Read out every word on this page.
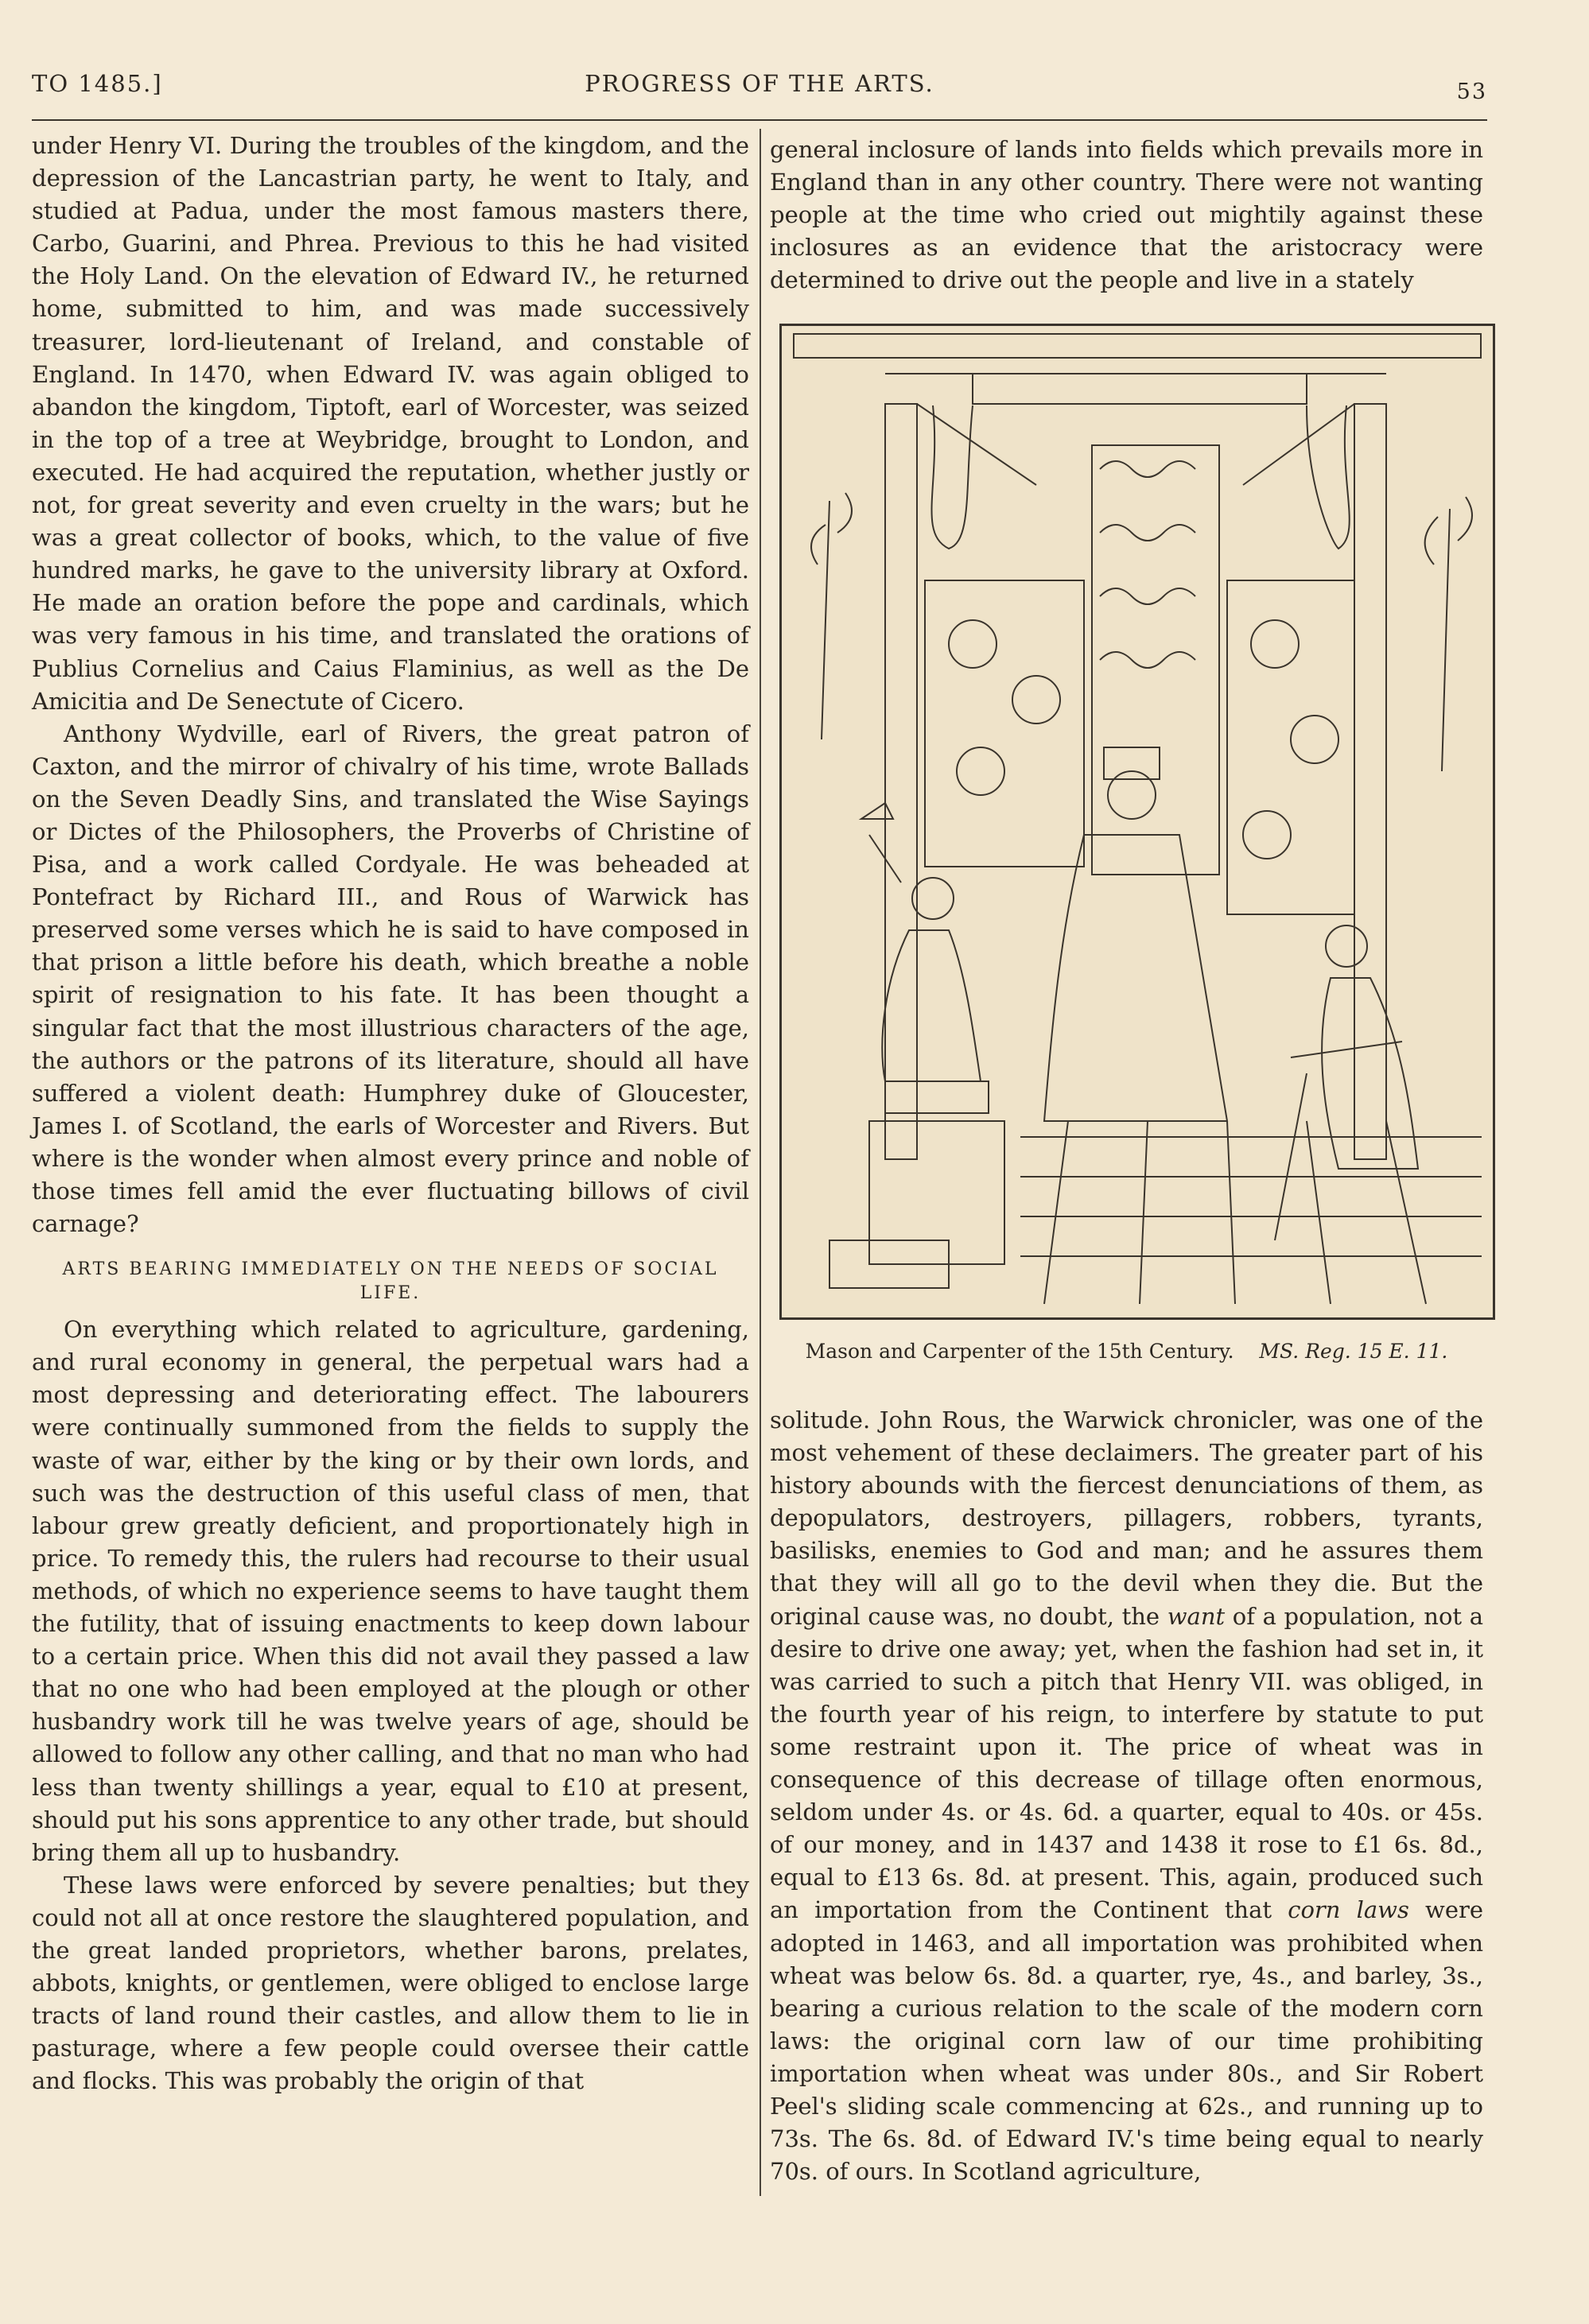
TO 1485.]	PROGRESS OF THE ARTS.	53

under Henry VI. During the troubles of the kingdom, and the depression of the Lancastrian party, he went to Italy, and studied at Padua, under the most famous masters there, Carbo, Guarini, and Phrea. Previous to this he had visited the Holy Land. On the elevation of Edward IV., he returned home, submitted to him, and was made successively treasurer, lord-lieutenant of Ireland, and constable of England. In 1470, when Edward IV. was again obliged to abandon the kingdom, Tiptoft, earl of Worcester, was seized in the top of a tree at Weybridge, brought to London, and executed. He had acquired the reputation, whether justly or not, for great severity and even cruelty in the wars; but he was a great collector of books, which, to the value of five hundred marks, he gave to the university library at Oxford. He made an oration before the pope and cardinals, which was very famous in his time, and translated the orations of Publius Cornelius and Caius Flaminius, as well as the De Amicitia and De Senectute of Cicero.

Anthony Wydville, earl of Rivers, the great patron of Caxton, and the mirror of chivalry of his time, wrote Ballads on the Seven Deadly Sins, and translated the Wise Sayings or Dictes of the Philosophers, the Proverbs of Christine of Pisa, and a work called Cordyale. He was beheaded at Pontefract by Richard III., and Rous of Warwick has preserved some verses which he is said to have composed in that prison a little before his death, which breathe a noble spirit of resignation to his fate. It has been thought a singular fact that the most illustrious characters of the age, the authors or the patrons of its literature, should all have suffered a violent death: Humphrey duke of Gloucester, James I. of Scotland, the earls of Worcester and Rivers. But where is the wonder when almost every prince and noble of those times fell amid the ever fluctuating billows of civil carnage?

ARTS BEARING IMMEDIATELY ON THE NEEDS OF SOCIAL LIFE.

On everything which related to agriculture, gardening, and rural economy in general, the perpetual wars had a most depressing and deteriorating effect. The labourers were continually summoned from the fields to supply the waste of war, either by the king or by their own lords, and such was the destruction of this useful class of men, that labour grew greatly deficient, and proportionately high in price. To remedy this, the rulers had recourse to their usual methods, of which no experience seems to have taught them the futility, that of issuing enactments to keep down labour to a certain price. When this did not avail they passed a law that no one who had been employed at the plough or other husbandry work till he was twelve years of age, should be allowed to follow any other calling, and that no man who had less than twenty shillings a year, equal to £10 at present, should put his sons apprentice to any other trade, but should bring them all up to husbandry.

These laws were enforced by severe penalties; but they could not all at once restore the slaughtered population, and the great landed proprietors, whether barons, prelates, abbots, knights, or gentlemen, were obliged to enclose large tracts of land round their castles, and allow them to lie in pasturage, where a few people could oversee their cattle and flocks. This was probably the origin of that

general inclosure of lands into fields which prevails more in England than in any other country. There were not wanting people at the time who cried out mightily against these inclosures as an evidence that the aristocracy were determined to drive out the people and live in a stately

Mason and Carpenter of the 15th Century. MS. Reg. 15 E. 11.

solitude. John Rous, the Warwick chronicler, was one of the most vehement of these declaimers. The greater part of his history abounds with the fiercest denunciations of them, as depopulators, destroyers, pillagers, robbers, tyrants, basilisks, enemies to God and man; and he assures them that they will all go to the devil when they die. But the original cause was, no doubt, the want of a population, not a desire to drive one away; yet, when the fashion had set in, it was carried to such a pitch that Henry VII. was obliged, in the fourth year of his reign, to interfere by statute to put some restraint upon it. The price of wheat was in consequence of this decrease of tillage often enormous, seldom under 4s. or 4s. 6d. a quarter, equal to 40s. or 45s. of our money, and in 1437 and 1438 it rose to £1 6s. 8d., equal to £13 6s. 8d. at present. This, again, produced such an importation from the Continent that corn laws were adopted in 1463, and all importation was prohibited when wheat was below 6s. 8d. a quarter, rye, 4s., and barley, 3s., bearing a curious relation to the scale of the modern corn laws: the original corn law of our time prohibiting importation when wheat was under 80s., and Sir Robert Peel's sliding scale commencing at 62s., and running up to 73s. The 6s. 8d. of Edward IV.'s time being equal to nearly 70s. of ours. In Scotland agriculture,
